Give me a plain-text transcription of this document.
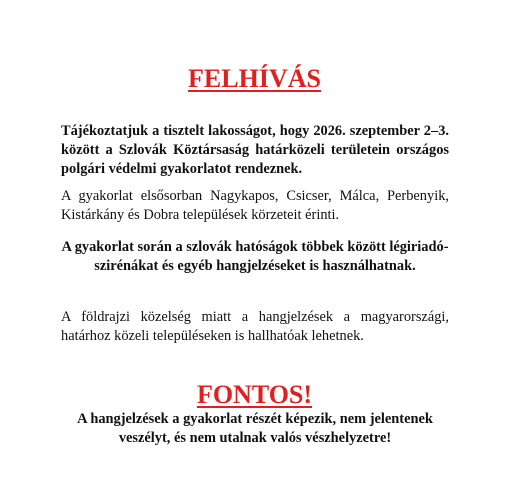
FELHÍVÁS

Tájékoztatjuk a tisztelt lakosságot, hogy 2026. szeptember 2–3. között a Szlovák Köztársaság határközeli területein országos polgári védelmi gyakorlatot rendeznek.

A gyakorlat elsősorban Nagykapos, Csicser, Málca, Perbenyik, Kistárkány és Dobra települések körzeteit érinti.

A gyakorlat során a szlovák hatóságok többek között légiriadó-szirénákat és egyéb hangjelzéseket is használhatnak.

A földrajzi közelség miatt a hangjelzések a magyarországi, határhoz közeli településeken is hallhatóak lehetnek.

FONTOS!

A hangjelzések a gyakorlat részét képezik, nem jelentenek veszélyt, és nem utalnak valós vészhelyzetre!
